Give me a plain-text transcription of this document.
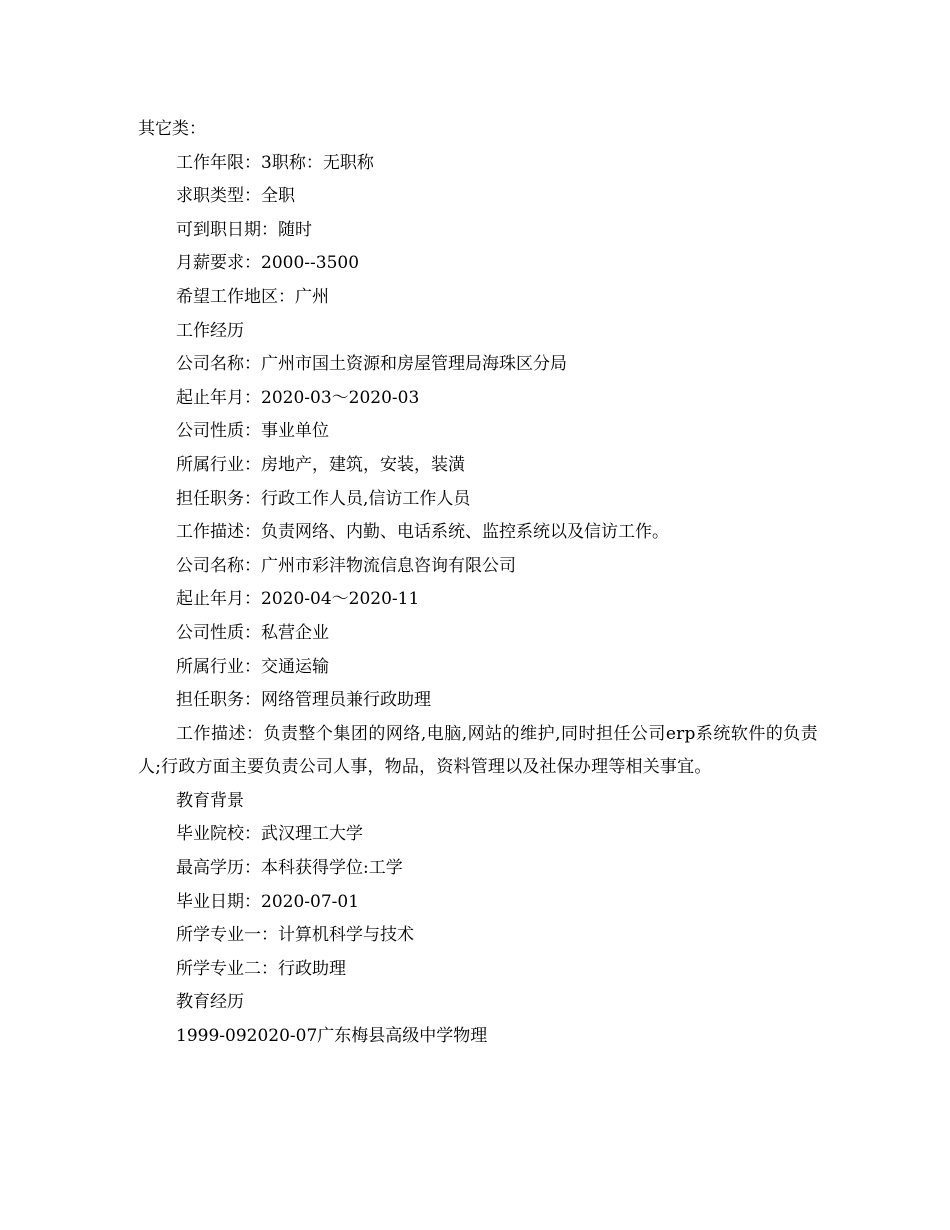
其它类：
工作年限：3职称：无职称
求职类型：全职
可到职日期：随时
月薪要求：2000--3500
希望工作地区：广州
工作经历
公司名称：广州市国土资源和房屋管理局海珠区分局
起止年月：2020-03～2020-03
公司性质：事业单位
所属行业：房地产，建筑，安装，装潢
担任职务：行政工作人员,信访工作人员
工作描述：负责网络、内勤、电话系统、监控系统以及信访工作。
公司名称：广州市彩沣物流信息咨询有限公司
起止年月：2020-04～2020-11
公司性质：私营企业
所属行业：交通运输
担任职务：网络管理员兼行政助理
工作描述：负责整个集团的网络,电脑,网站的维护,同时担任公司erp系统软件的负责人;行政方面主要负责公司人事，物品，资料管理以及社保办理等相关事宜。
教育背景
毕业院校：武汉理工大学
最高学历：本科获得学位:工学
毕业日期：2020-07-01
所学专业一：计算机科学与技术
所学专业二：行政助理
教育经历
1999-092020-07广东梅县高级中学物理
